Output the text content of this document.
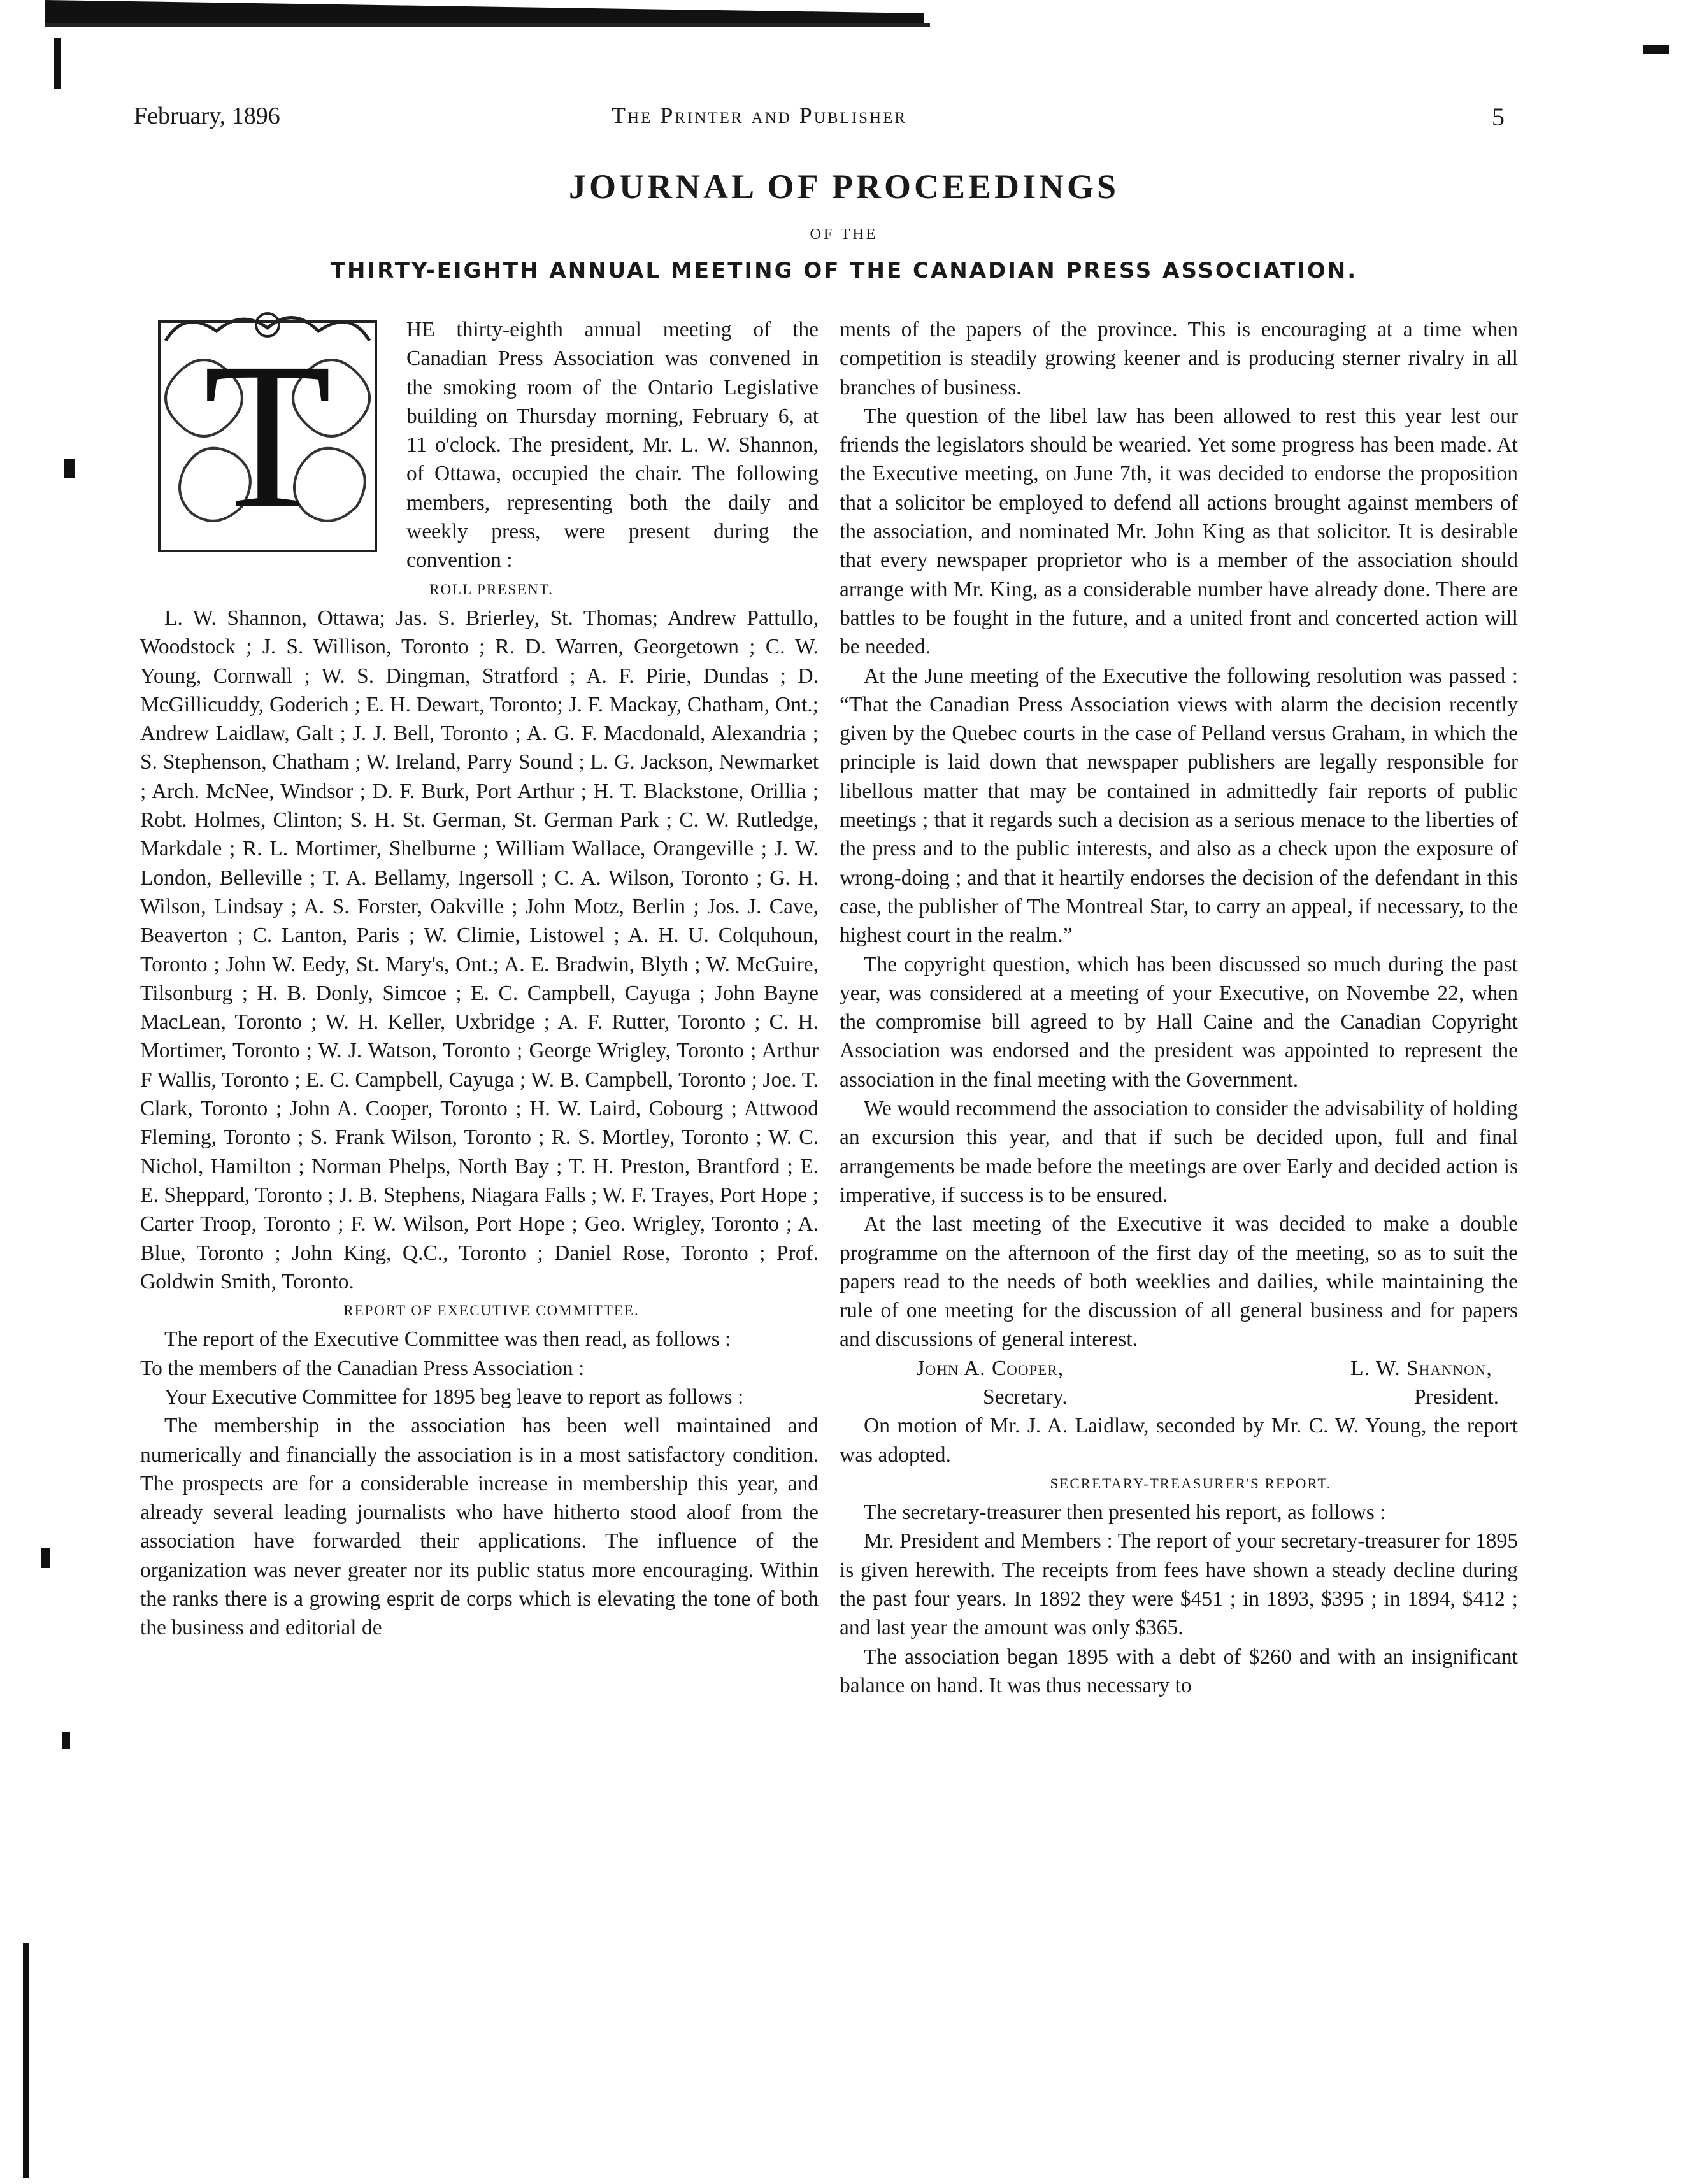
February, 1896	The Printer and Publisher	5
JOURNAL OF PROCEEDINGS
OF THE
THIRTY-EIGHTH ANNUAL MEETING OF THE CANADIAN PRESS ASSOCIATION.
T	HE thirty-eighth annual meeting of the Canadian Press Association was convened in the smoking room of the Ontario Legislative building on Thursday morning, February 6, at 11 o'clock. The president, Mr. L. W. Shannon, of Ottawa, occupied the chair. The following members, representing both the daily and weekly press, were present during the convention :

ROLL PRESENT.

L. W. Shannon, Ottawa; Jas. S. Brierley, St. Thomas; Andrew Pattullo, Woodstock ; J. S. Willison, Toronto ; R. D. Warren, Georgetown ; C. W. Young, Cornwall ; W. S. Dingman, Stratford ; A. F. Pirie, Dundas ; D. McGillicuddy, Goderich ; E. H. Dewart, Toronto; J. F. Mackay, Chatham, Ont.; Andrew Laidlaw, Galt ; J. J. Bell, Toronto ; A. G. F. Macdonald, Alexandria ; S. Stephenson, Chatham ; W. Ireland, Parry Sound ; L. G. Jackson, Newmarket ; Arch. McNee, Windsor ; D. F. Burk, Port Arthur ; H. T. Blackstone, Orillia ; Robt. Holmes, Clinton; S. H. St. German, St. German Park ; C. W. Rutledge, Markdale ; R. L. Mortimer, Shelburne ; William Wallace, Orangeville ; J. W. London, Belleville ; T. A. Bellamy, Ingersoll ; C. A. Wilson, Toronto ; G. H. Wilson, Lindsay ; A. S. Forster, Oakville ; John Motz, Berlin ; Jos. J. Cave, Beaverton ; C. Lanton, Paris ; W. Climie, Listowel ; A. H. U. Colquhoun, Toronto ; John W. Eedy, St. Mary's, Ont.; A. E. Bradwin, Blyth ; W. McGuire, Tilsonburg ; H. B. Donly, Simcoe ; E. C. Campbell, Cayuga ; John Bayne MacLean, Toronto ; W. H. Keller, Uxbridge ; A. F. Rutter, Toronto ; C. H. Mortimer, Toronto ; W. J. Watson, Toronto ; George Wrigley, Toronto ; Arthur F Wallis, Toronto ; E. C. Campbell, Cayuga ; W. B. Campbell, Toronto ; Joe. T. Clark, Toronto ; John A. Cooper, Toronto ; H. W. Laird, Cobourg ; Attwood Fleming, Toronto ; S. Frank Wilson, Toronto ; R. S. Mortley, Toronto ; W. C. Nichol, Hamilton ; Norman Phelps, North Bay ; T. H. Preston, Brantford ; E. E. Sheppard, Toronto ; J. B. Stephens, Niagara Falls ; W. F. Trayes, Port Hope ; Carter Troop, Toronto ; F. W. Wilson, Port Hope ; Geo. Wrigley, Toronto ; A. Blue, Toronto ; John King, Q.C., Toronto ; Daniel Rose, Toronto ; Prof. Goldwin Smith, Toronto.

REPORT OF EXECUTIVE COMMITTEE.

The report of the Executive Committee was then read, as follows :

To the members of the Canadian Press Association :

Your Executive Committee for 1895 beg leave to report as follows :

The membership in the association has been well maintained and numerically and financially the association is in a most satisfactory condition. The prospects are for a considerable increase in membership this year, and already several leading journalists who have hitherto stood aloof from the association have forwarded their applications. The influence of the organization was never greater nor its public status more encouraging. Within the ranks there is a growing esprit de corps which is elevating the tone of both the business and editorial de

ments of the papers of the province. This is encouraging at a time when competition is steadily growing keener and is producing sterner rivalry in all branches of business.

The question of the libel law has been allowed to rest this year lest our friends the legislators should be wearied. Yet some progress has been made. At the Executive meeting, on June 7th, it was decided to endorse the proposition that a solicitor be employed to defend all actions brought against members of the association, and nominated Mr. John King as that solicitor. It is desirable that every newspaper proprietor who is a member of the association should arrange with Mr. King, as a considerable number have already done. There are battles to be fought in the future, and a united front and concerted action will be needed.

At the June meeting of the Executive the following resolution was passed : “That the Canadian Press Association views with alarm the decision recently given by the Quebec courts in the case of Pelland versus Graham, in which the principle is laid down that newspaper publishers are legally responsible for libellous matter that may be contained in admittedly fair reports of public meetings ; that it regards such a decision as a serious menace to the liberties of the press and to the public interests, and also as a check upon the exposure of wrong-doing ; and that it heartily endorses the decision of the defendant in this case, the publisher of The Montreal Star, to carry an appeal, if necessary, to the highest court in the realm.”

The copyright question, which has been discussed so much during the past year, was considered at a meeting of your Executive, on Novembe 22, when the compromise bill agreed to by Hall Caine and the Canadian Copyright Association was endorsed and the president was appointed to represent the association in the final meeting with the Government.

We would recommend the association to consider the advisability of holding an excursion this year, and that if such be decided upon, full and final arrangements be made before the meetings are over Early and decided action is imperative, if success is to be ensured.

At the last meeting of the Executive it was decided to make a double programme on the afternoon of the first day of the meeting, so as to suit the papers read to the needs of both weeklies and dailies, while maintaining the rule of one meeting for the discussion of all general business and for papers and discussions of general interest.

John A. Cooper,
Secretary.
L. W. Shannon,
President.

On motion of Mr. J. A. Laidlaw, seconded by Mr. C. W. Young, the report was adopted.

SECRETARY-TREASURER'S REPORT.

The secretary-treasurer then presented his report, as follows :

Mr. President and Members : The report of your secretary-treasurer for 1895 is given herewith. The receipts from fees have shown a steady decline during the past four years. In 1892 they were $451 ; in 1893, $395 ; in 1894, $412 ; and last year the amount was only $365.

The association began 1895 with a debt of $260 and with an insignificant balance on hand. It was thus necessary to
